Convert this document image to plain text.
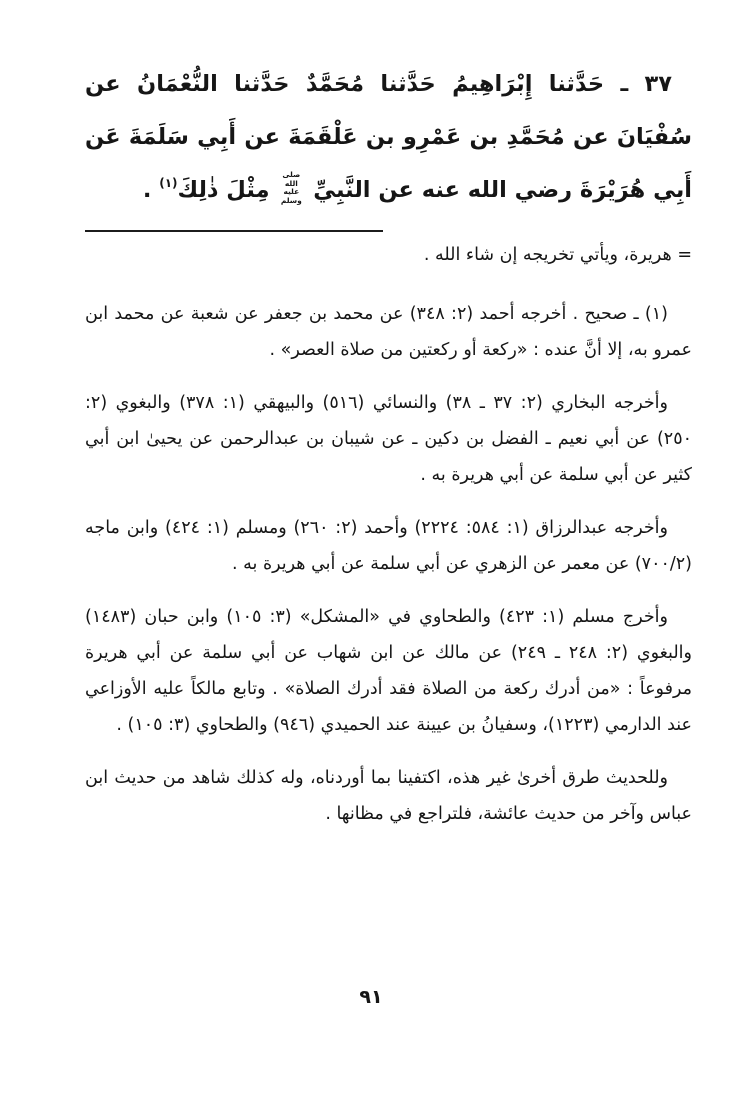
٣٧ ـ حَدَّثنا إِبْرَاهِيمُ حَدَّثنا مُحَمَّدٌ حَدَّثنا النُّعْمَانُ عن سُفْيَانَ عن مُحَمَّدِ بن عَمْرِو بن عَلْقَمَةَ عن أَبِي سَلَمَةَ عَن أَبِي هُرَيْرَةَ رضي الله عنه عن النَّبِيِّ
صلى الله
عليه وسلم
مِثْلَ ذٰلِكَ$^{(١)}$ .

= هريرة، ويأتي تخريجه إن شاء الله .

(١) ـ صحيح . أخرجه أحمد (٢: ٣٤٨) عن محمد بن جعفر عن شعبة عن محمد ابن عمرو به، إلا أنَّ عنده : «ركعة أو ركعتين من صلاة العصر» .

وأخرجه البخاري (٢: ٣٧ ـ ٣٨) والنسائي (٥١٦) والبيهقي (١: ٣٧٨) والبغوي (٢: ٢٥٠) عن أبي نعيم ـ الفضل بن دكين ـ عن شيبان بن عبدالرحمن عن يحيىٰ ابن أبي كثير عن أبي سلمة عن أبي هريرة به .

وأخرجه عبدالرزاق (١: ٥٨٤: ٢٢٢٤) وأحمد (٢: ٢٦٠) ومسلم (١: ٤٢٤) وابن ماجه (٧٠٠/٢) عن معمر عن الزهري عن أبي سلمة عن أبي هريرة به .

وأخرج مسلم (١: ٤٢٣) والطحاوي في «المشكل» (٣: ١٠٥) وابن حبان (١٤٨٣) والبغوي (٢: ٢٤٨ ـ ٢٤٩) عن مالك عن ابن شهاب عن أبي سلمة عن أبي هريرة مرفوعاً : «من أدرك ركعة من الصلاة فقد أدرك الصلاة» . وتابع مالكاً عليه الأوزاعي عند الدارمي (١٢٢٣)، وسفيانُ بن عيينة عند الحميدي (٩٤٦) والطحاوي (٣: ١٠٥) .

وللحديث طرق أخرىٰ غير هذه، اكتفينا بما أوردناه، وله كذلك شاهد من حديث ابن عباس وآخر من حديث عائشة، فلتراجع في مظانها .

٩١
